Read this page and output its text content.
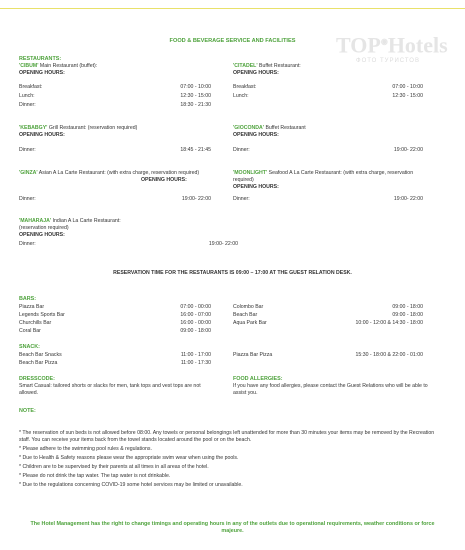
TOP◉Hotels
ФОТО ТУРИСТОВ
FOOD & BEVERAGE SERVICE AND FACILITIES
RESTAURANTS:
'CIBUM' Main Restaurant (buffet):
OPENING HOURS:
Breakfast:	07:00 - 10:00
Lunch:	12:30 - 15:00
Dinner:	18:30 - 21:30
'CITADEL' Buffet Restaurant:
OPENING HOURS:
Breakfast:	07:00 - 10:00
Lunch:	12:30 - 15:00
'KEBABGY' Grill Restaurant: (reservation required)
OPENING HOURS:
Dinner:	18:45 - 21:45
'GIOCONDA' Buffet Restaurant
OPENING HOURS:
Dinner:	19:00- 22:00
'GINZA' Asian A La Carte Restaurant: (with extra charge, reservation required)
OPENING HOURS:
Dinner:	19:00- 22:00
'MOONLIGHT' Seafood A La Carte Restaurant: (with extra charge, reservation required)
OPENING HOURS:
Dinner:	19:00- 22:00
'MAHARAJA' Indian A La Carte Restaurant:
(reservation required)
OPENING HOURS:
Dinner:	19:00- 22:00
RESERVATION TIME FOR THE RESTAURANTS IS 09:00 – 17:00 AT THE GUEST RELATION DESK.
BARS:
Piazza Bar	07:00 - 00:00
Legends Sports Bar	16:00 - 07:00
Churchills Bar	16:00 - 00:00
Coral Bar	09:00 - 18:00
Colombo Bar	09:00 - 18:00
Beach Bar	09:00 - 18:00
Aqua Park Bar	10:00 - 12:00 & 14:30 - 18:00
SNACK:
Beach Bar Snacks	11:00 - 17:00
Beach Bar Pizza	11:00 - 17:30
Piazza Bar Pizza	15:30 - 18:00 & 22:00 - 01:00
DRESSCODE:
Smart Casual: tailored shorts or slacks for men, tank tops and vest tops are not allowed.
FOOD ALLERGIES:
If you have any food allergies, please contact the Guest Relations who will be able to assist you.
NOTE:
* The reservation of sun beds is not allowed before 08:00. Any towels or personal belongings left unattended for more than 30 minutes your items may be removed by the Recreation staff. You can receive your items back from the towel stands located around the pool or on the beach.
* Please adhere to the swimming pool rules & regulations.
* Due to Health & Safety reasons please wear the appropriate swim wear when using the pools.
* Children are to be supervised by their parents at all times in all areas of the hotel.
* Please do not drink the tap water. The tap water is not drinkable.
* Due to the regulations concerning COVID-19 some hotel services may be limited or unavailable.
The Hotel Management has the right to change timings and operating hours in any of the outlets due to operational requirements, weather conditions or force majeure.
